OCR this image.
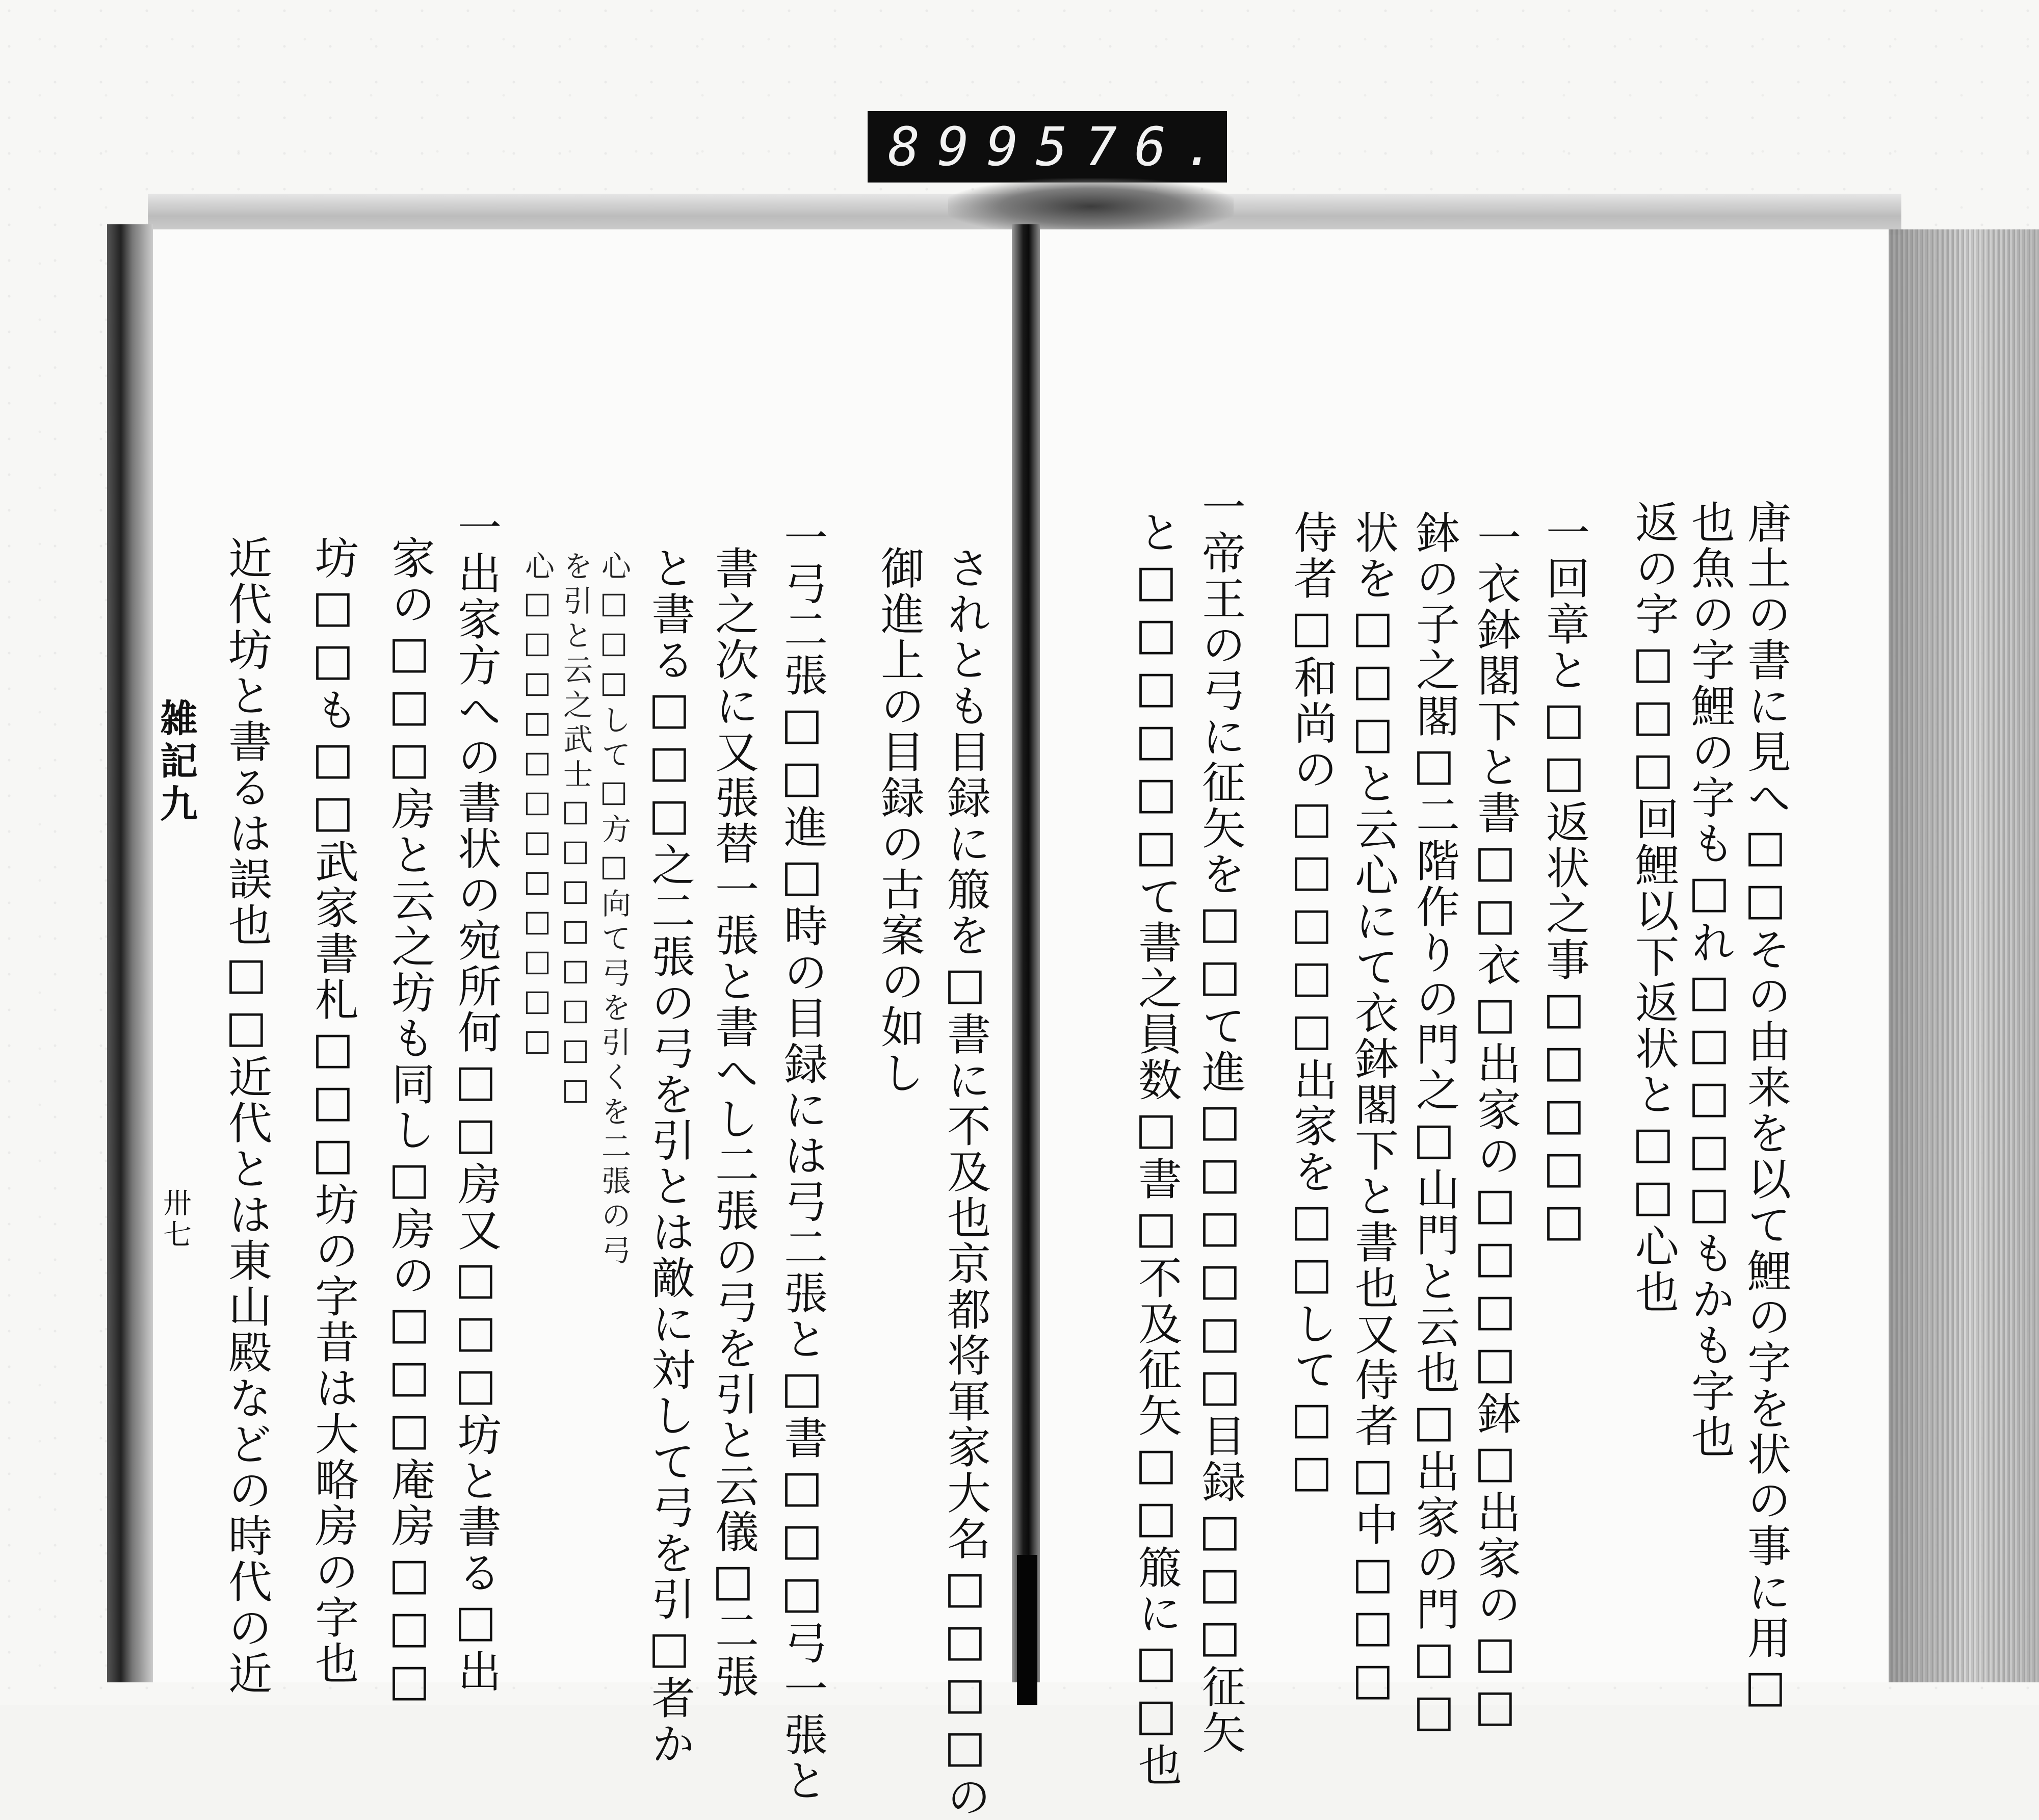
899 576.
唐土の書に見へ□□その由来を以て鯉の字を状の事に用□
也魚の字鯉の字も□れ□□□□□もかも字也
返の字□□□回鯉以下返状と□□心也
一回章と□□返状之事□□□□□
一衣鉢閣下と書□□衣□出家の□□□□鉢□出家の□□
鉢の子之閣□二階作りの門之□山門と云也□出家の門□□
状を□□□と云心にて衣鉢閣下と書也又侍者□中□□□
侍者□和尚の□□□□□出家を□□して□□
一帝王の弓に征矢を□□て進□□□□□□目録□□□征矢
と□□□□□□て書之員数□書□不及征矢□□箙に□□也
されとも目録に箙を□書に不及也京都将軍家大名□□□□の
御進上の目録の古案の如し
一弓二張□□進□時の目録には弓二張と□書□□□弓一張と
書之次に又張替一張と書へし二張の弓を引と云儀□二張
と書る□□□之二張の弓を引とは敵に対して弓を引□者か
心□□□して□方□向て弓を引くを二張の弓
を引と云之武士□□□□□□□□
心□□□□□□□□□□□□
一出家方への書状の宛所何□□房又□□□坊と書る□出
家の□□□房と云之坊も同し□房の□□□庵房□□□
坊□□も□□武家書札□□□坊の字昔は大略房の字也
近代坊と書るは誤也□□近代とは東山殿などの時代の近
雑記九
卅七
